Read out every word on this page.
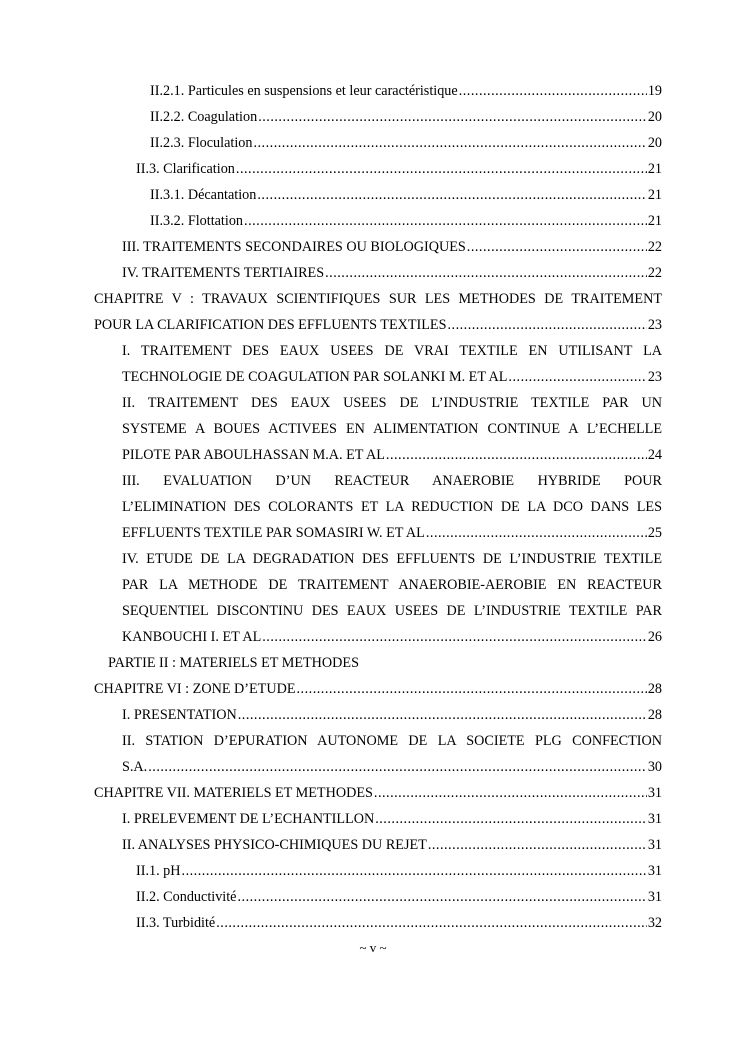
II.2.1. Particules en suspensions et leur caractéristique .....	19
II.2.2. Coagulation .....	20
II.2.3. Floculation .....	20
II.3. Clarification .....	21
II.3.1. Décantation .....	21
II.3.2. Flottation .....	21
III. TRAITEMENTS SECONDAIRES OU BIOLOGIQUES .....	22
IV. TRAITEMENTS TERTIAIRES .....	22
CHAPITRE V : TRAVAUX SCIENTIFIQUES SUR LES METHODES DE TRAITEMENT
POUR LA CLARIFICATION DES EFFLUENTS TEXTILES .....	23
I. TRAITEMENT DES EAUX USEES DE VRAI TEXTILE EN UTILISANT LA
TECHNOLOGIE DE COAGULATION PAR SOLANKI M. ET AL .....	23
II. TRAITEMENT DES EAUX USEES DE L’INDUSTRIE TEXTILE PAR UN
SYSTEME A BOUES ACTIVEES EN ALIMENTATION CONTINUE A L’ECHELLE
PILOTE PAR ABOULHASSAN M.A. ET AL .....	24
III. EVALUATION D’UN REACTEUR ANAEROBIE HYBRIDE POUR
L’ELIMINATION DES COLORANTS ET LA REDUCTION DE LA DCO DANS LES
EFFLUENTS TEXTILE PAR SOMASIRI W. ET AL .....	25
IV. ETUDE DE LA DEGRADATION DES EFFLUENTS DE L’INDUSTRIE TEXTILE
PAR LA METHODE DE TRAITEMENT ANAEROBIE-AEROBIE EN REACTEUR
SEQUENTIEL DISCONTINU DES EAUX USEES DE L’INDUSTRIE TEXTILE PAR
KANBOUCHI I. ET AL .....	26
PARTIE II : MATERIELS ET METHODES
CHAPITRE VI : ZONE D’ETUDE .....	28
I. PRESENTATION .....	28
II. STATION D’EPURATION AUTONOME DE LA SOCIETE PLG CONFECTION
S.A. .....	30
CHAPITRE VII. MATERIELS ET METHODES .....	31
I. PRELEVEMENT DE L’ECHANTILLON .....	31
II. ANALYSES PHYSICO-CHIMIQUES DU REJET .....	31
II.1. pH .....	31
II.2. Conductivité .....	31
II.3. Turbidité .....	32
~ v ~
